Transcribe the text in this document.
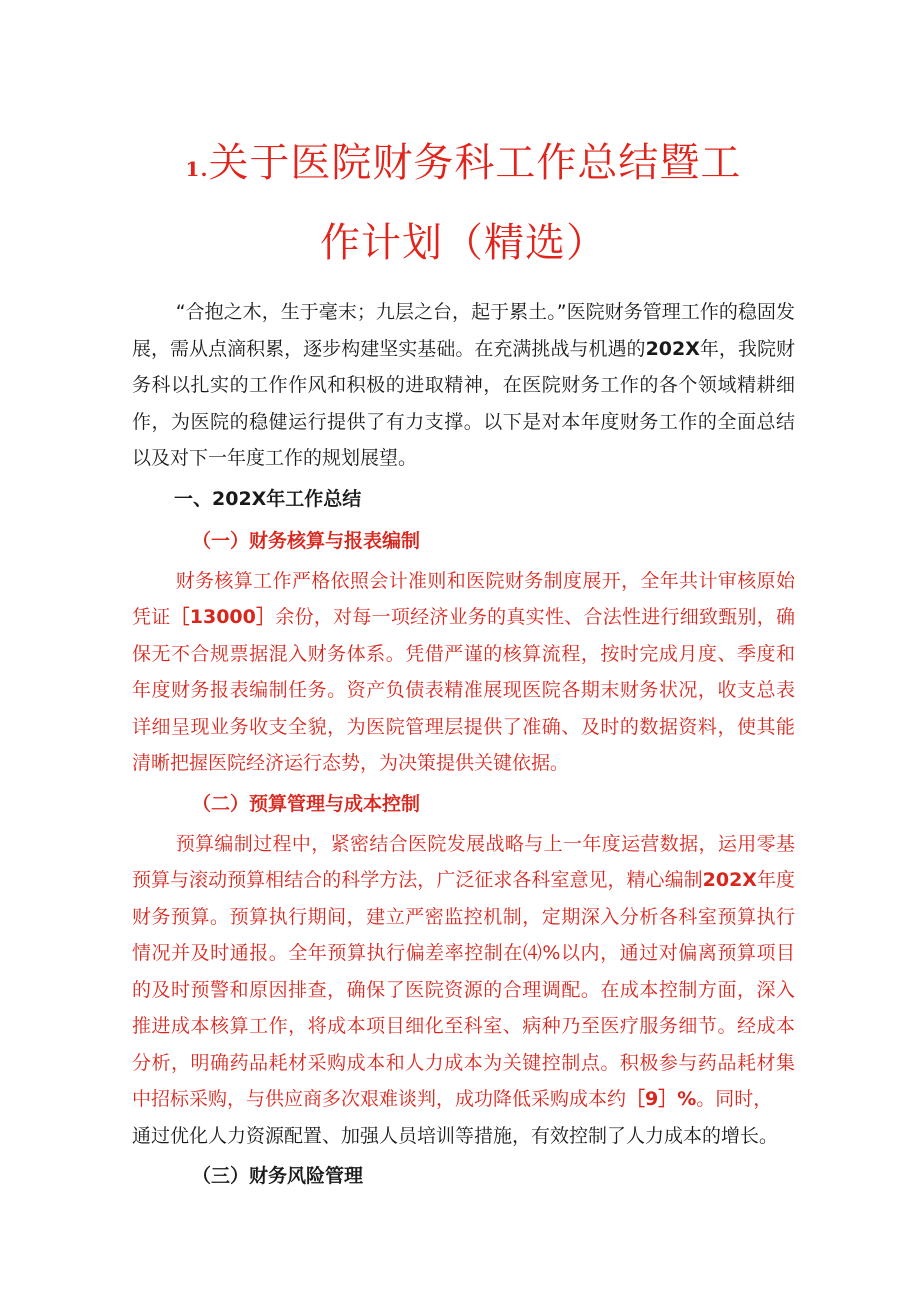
1.关于医院财务科工作总结暨工
作计划（精选）

“合抱之木，生于毫末；九层之台，起于累土。”医院财务管理工作的稳固发展，需从点滴积累，逐步构建坚实基础。在充满挑战与机遇的202X年，我院财务科以扎实的工作作风和积极的进取精神，在医院财务工作的各个领域精耕细作，为医院的稳健运行提供了有力支撑。以下是对本年度财务工作的全面总结以及对下一年度工作的规划展望。

一、202X年工作总结
（一）财务核算与报表编制

财务核算工作严格依照会计准则和医院财务制度展开，全年共计审核原始凭证［13000］余份，对每一项经济业务的真实性、合法性进行细致甄别，确保无不合规票据混入财务体系。凭借严谨的核算流程，按时完成月度、季度和年度财务报表编制任务。资产负债表精准展现医院各期末财务状况，收支总表详细呈现业务收支全貌，为医院管理层提供了准确、及时的数据资料，使其能清晰把握医院经济运行态势，为决策提供关键依据。

（二）预算管理与成本控制

预算编制过程中，紧密结合医院发展战略与上一年度运营数据，运用零基预算与滚动预算相结合的科学方法，广泛征求各科室意见，精心编制202X年度财务预算。预算执行期间，建立严密监控机制，定期深入分析各科室预算执行情况并及时通报。全年预算执行偏差率控制在⑷%以内，通过对偏离预算项目的及时预警和原因排查，确保了医院资源的合理调配。在成本控制方面，深入推进成本核算工作，将成本项目细化至科室、病种乃至医疗服务细节。经成本分析，明确药品耗材采购成本和人力成本为关键控制点。积极参与药品耗材集中招标采购，与供应商多次艰难谈判，成功降低采购成本约［9］%。同时，

通过优化人力资源配置、加强人员培训等措施，有效控制了人力成本的增长。

（三）财务风险管理
